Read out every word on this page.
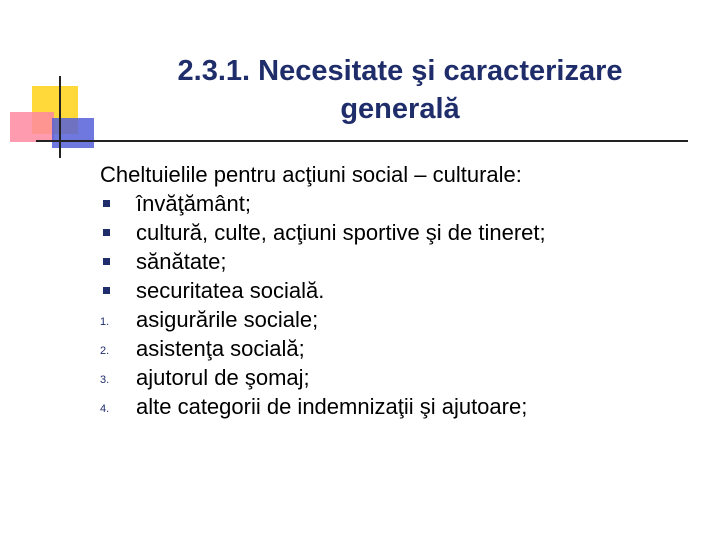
2.3.1. Necesitate şi caracterizare
generală
Cheltuielile pentru acţiuni social – culturale:
învăţământ;
cultură, culte, acţiuni sportive şi de tineret;
sănătate;
securitatea socială.
1. asigurările sociale;
2. asistenţa socială;
3. ajutorul de şomaj;
4. alte categorii de indemnizaţii şi ajutoare;
